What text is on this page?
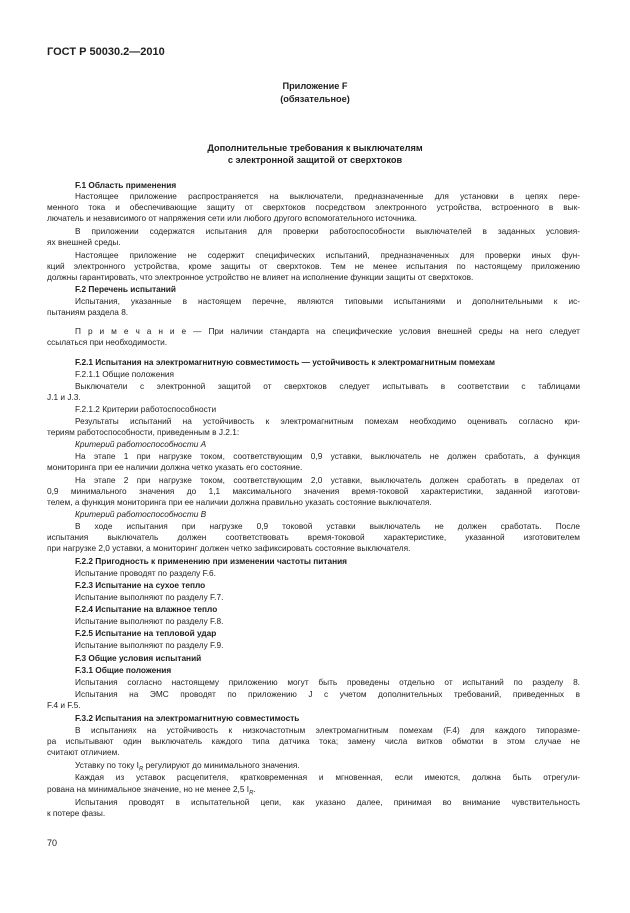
ГОСТ Р 50030.2—2010
Приложение F
(обязательное)
Дополнительные требования к выключателям
с электронной защитой от сверхтоков
F.1 Область применения
Настоящее приложение распространяется на выключатели, предназначенные для установки в цепях пере-
менного тока и обеспечивающие защиту от сверхтоков посредством электронного устройства, встроенного в вык-
лючатель и независимого от напряжения сети или любого другого вспомогательного источника.
В приложении содержатся испытания для проверки работоспособности выключателей в заданных условия-
ях внешней среды.
Настоящее приложение не содержит специфических испытаний, предназначенных для проверки иных фун-
кций электронного устройства, кроме защиты от сверхтоков. Тем не менее испытания по настоящему приложению
должны гарантировать, что электронное устройство не влияет на исполнение функции защиты от сверхтоков.
F.2 Перечень испытаний
Испытания, указанные в настоящем перечне, являются типовыми испытаниями и дополнительными к ис-
пытаниям раздела 8.
П р и м е ч а н и е — При наличии стандарта на специфические условия внешней среды на него следует
ссылаться при необходимости.
F.2.1 Испытания на электромагнитную совместимость — устойчивость к электромагнитным помехам
F.2.1.1 Общие положения
Выключатели с электронной защитой от сверхтоков следует испытывать в соответствии с таблицами
J.1 и J.3.
F.2.1.2 Критерии работоспособности
Результаты испытаний на устойчивость к электромагнитным помехам необходимо оценивать согласно кри-
териям работоспособности, приведенным в J.2.1:
Критерий работоспособности А
На этапе 1 при нагрузке током, соответствующим 0,9 уставки, выключатель не должен сработать, а функция
мониторинга при ее наличии должна четко указать его состояние.
На этапе 2 при нагрузке током, соответствующим 2,0 уставки, выключатель должен сработать в пределах от
0,9 минимального значения до 1,1 максимального значения время-токовой характеристики, заданной изготови-
телем, а функция мониторинга при ее наличии должна правильно указать состояние выключателя.
Критерий работоспособности В
В ходе испытания при нагрузке 0,9 токовой уставки выключатель не должен сработать. После
испытания выключатель должен соответствовать время-токовой характеристике, указанной изготовителем
при нагрузке 2,0 уставки, а мониторинг должен четко зафиксировать состояние выключателя.
F.2.2 Пригодность к применению при изменении частоты питания
Испытание проводят по разделу F.6.
F.2.3 Испытание на сухое тепло
Испытание выполняют по разделу F.7.
F.2.4 Испытание на влажное тепло
Испытание выполняют по разделу F.8.
F.2.5 Испытание на тепловой удар
Испытание выполняют по разделу F.9.
F.3 Общие условия испытаний
F.3.1 Общие положения
Испытания согласно настоящему приложению могут быть проведены отдельно от испытаний по разделу 8.
Испытания на ЭМС проводят по приложению J с учетом дополнительных требований, приведенных в
F.4 и F.5.
F.3.2 Испытания на электромагнитную совместимость
В испытаниях на устойчивость к низкочастотным электромагнитным помехам (F.4) для каждого типоразме-
ра испытывают один выключатель каждого типа датчика тока; замену числа витков обмотки в этом случае не
считают отличием.
Уставку по току $I_R$ регулируют до минимального значения.
Каждая из уставок расцепителя, кратковременная и мгновенная, если имеются, должна быть отрегули-
рована на минимальное значение, но не менее 2,5 $I_R$.
Испытания проводят в испытательной цепи, как указано далее, принимая во внимание чувствительность
к потере фазы.
70
